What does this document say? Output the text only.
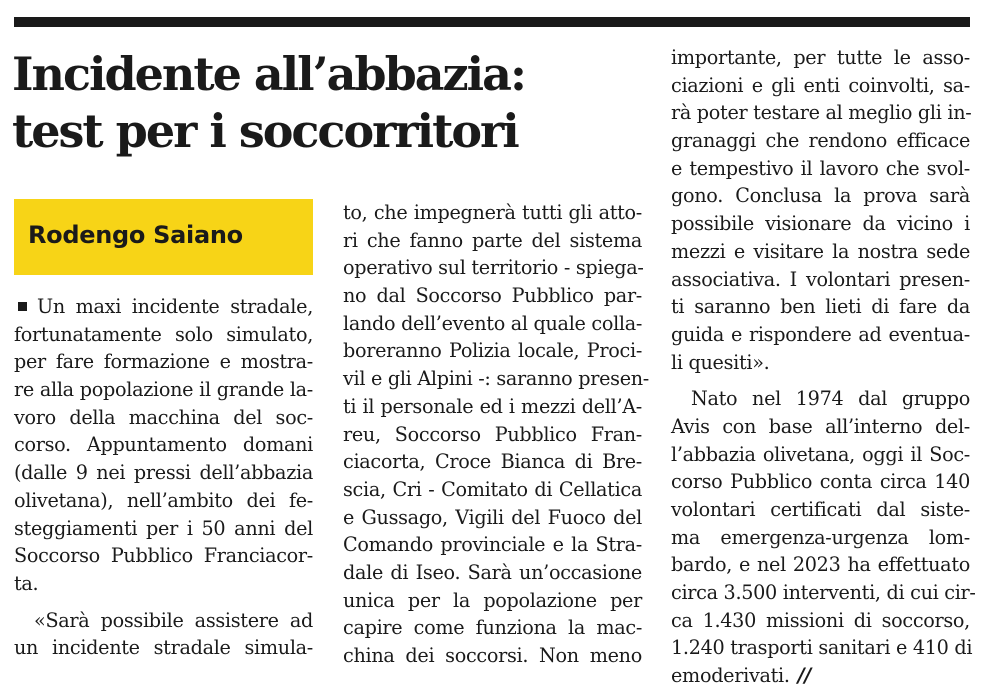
Incidente all’abbazia:
test per i soccorritori
Rodengo Saiano
Un maxi incidente stradale,
fortunatamente solo simulato,
per fare formazione e mostra-
re alla popolazione il grande la-
voro della macchina del soc-
corso. Appuntamento domani
(dalle 9 nei pressi dell’abbazia
olivetana), nell’ambito dei fe-
steggiamenti per i 50 anni del
Soccorso Pubblico Franciacor-
ta.
«Sarà possibile assistere ad
un incidente stradale simula-
to, che impegnerà tutti gli atto-
ri che fanno parte del sistema
operativo sul territorio - spiega-
no dal Soccorso Pubblico par-
lando dell’evento al quale colla-
boreranno Polizia locale, Proci-
vil e gli Alpini -: saranno presen-
ti il personale ed i mezzi dell’A-
reu, Soccorso Pubblico Fran-
ciacorta, Croce Bianca di Bre-
scia, Cri - Comitato di Cellatica
e Gussago, Vigili del Fuoco del
Comando provinciale e la Stra-
dale di Iseo. Sarà un’occasione
unica per la popolazione per
capire come funziona la mac-
china dei soccorsi. Non meno
importante, per tutte le asso-
ciazioni e gli enti coinvolti, sa-
rà poter testare al meglio gli in-
granaggi che rendono efficace
e tempestivo il lavoro che svol-
gono. Conclusa la prova sarà
possibile visionare da vicino i
mezzi e visitare la nostra sede
associativa. I volontari presen-
ti saranno ben lieti di fare da
guida e rispondere ad eventua-
li quesiti».
Nato nel 1974 dal gruppo
Avis con base all’interno del-
l’abbazia olivetana, oggi il Soc-
corso Pubblico conta circa 140
volontari certificati dal siste-
ma emergenza-urgenza lom-
bardo, e nel 2023 ha effettuato
circa 3.500 interventi, di cui cir-
ca 1.430 missioni di soccorso,
1.240 trasporti sanitari e 410 di
emoderivati. //
